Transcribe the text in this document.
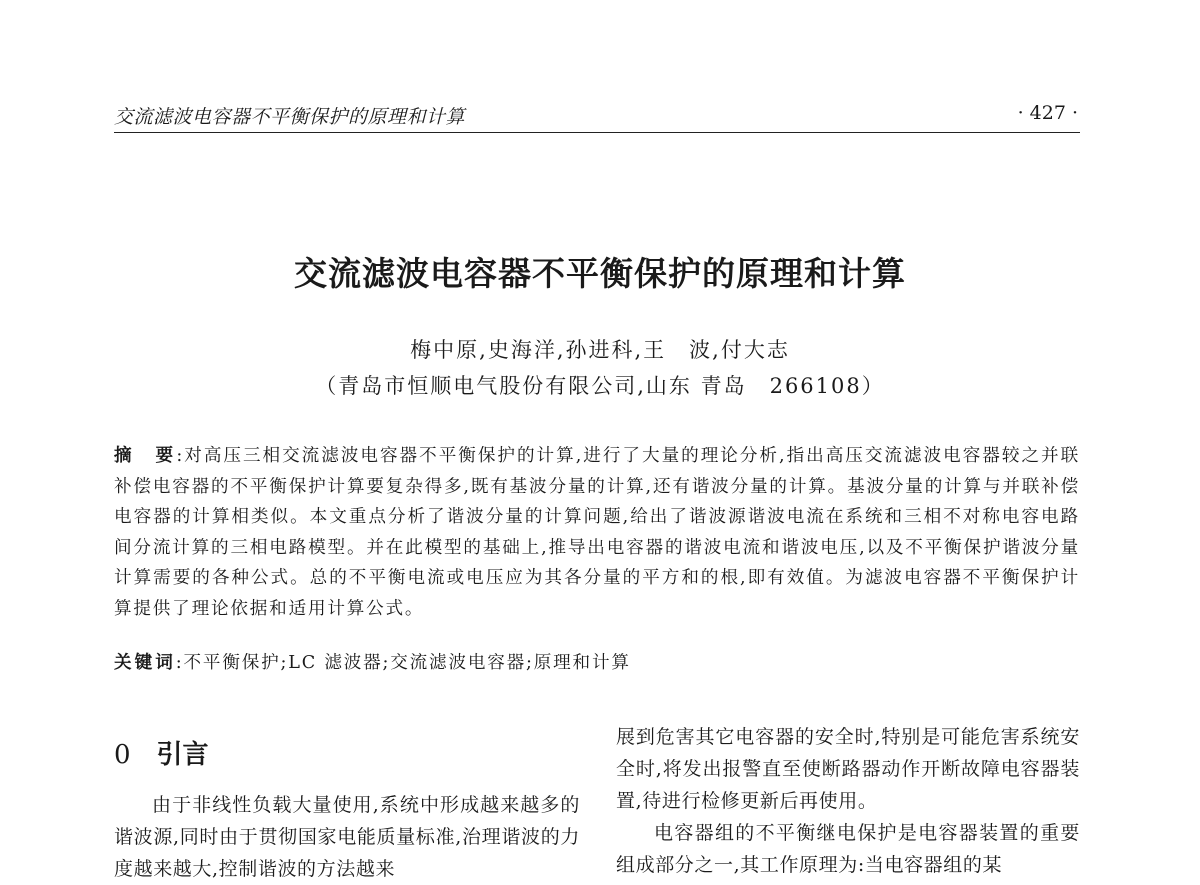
交流滤波电容器不平衡保护的原理和计算	· 427 ·
交流滤波电容器不平衡保护的原理和计算
梅中原,史海洋,孙进科,王　波,付大志
（青岛市恒顺电气股份有限公司,山东 青岛　266108）
摘　要:对高压三相交流滤波电容器不平衡保护的计算,进行了大量的理论分析,指出高压交流滤波电容器较之并联补偿电容器的不平衡保护计算要复杂得多,既有基波分量的计算,还有谐波分量的计算。基波分量的计算与并联补偿电容器的计算相类似。本文重点分析了谐波分量的计算问题,给出了谐波源谐波电流在系统和三相不对称电容电路间分流计算的三相电路模型。并在此模型的基础上,推导出电容器的谐波电流和谐波电压,以及不平衡保护谐波分量计算需要的各种公式。总的不平衡电流或电压应为其各分量的平方和的根,即有效值。为滤波电容器不平衡保护计算提供了理论依据和适用计算公式。
关键词:不平衡保护;LC 滤波器;交流滤波电容器;原理和计算
0 引言

由于非线性负载大量使用,系统中形成越来越多的谐波源,同时由于贯彻国家电能质量标准,治理谐波的力度越来越大,控制谐波的方法越来

展到危害其它电容器的安全时,特别是可能危害系统安全时,将发出报警直至使断路器动作开断故障电容器装置,待进行检修更新后再使用。

电容器组的不平衡继电保护是电容器装置的重要组成部分之一,其工作原理为:当电容器组的某
